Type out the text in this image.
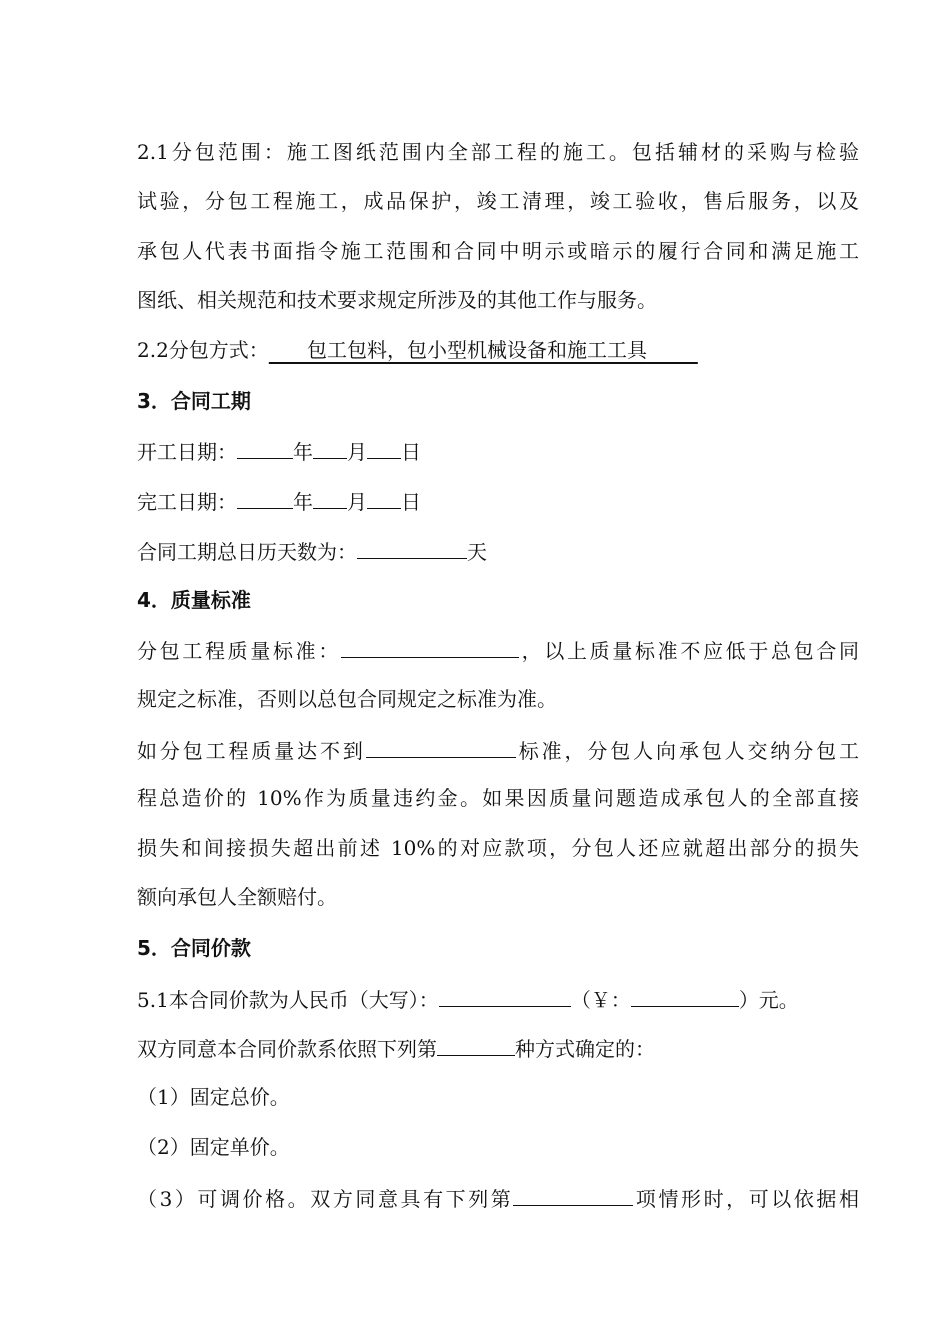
2.1分包范围：施工图纸范围内全部工程的施工。包括辅材的采购与检验
试验，分包工程施工，成品保护，竣工清理，竣工验收，售后服务，以及
承包人代表书面指令施工范围和合同中明示或暗示的履行合同和满足施工
图纸、相关规范和技术要求规定所涉及的其他工作与服务。
2.2分包方式： 包工包料，包小型机械设备和施工工具
3．合同工期
开工日期：	年 月 日
完工日期：	年 月 日
合同工期总日历天数为：	天
4．质量标准
分包工程质量标准：	，以上质量标准不应低于总包合同
规定之标准，否则以总包合同规定之标准为准。
如分包工程质量达不到	标准，分包人向承包人交纳分包工
程总造价的 10%作为质量违约金。如果因质量问题造成承包人的全部直接
损失和间接损失超出前述 10%的对应款项，分包人还应就超出部分的损失
额向承包人全额赔付。
5．合同价款
5.1本合同价款为人民币（大写）：	（￥：	）元。
双方同意本合同价款系依照下列第	种方式确定的：
（1）固定总价。
（2）固定单价。
（3）可调价格。双方同意具有下列第	项情形时，可以依据相
